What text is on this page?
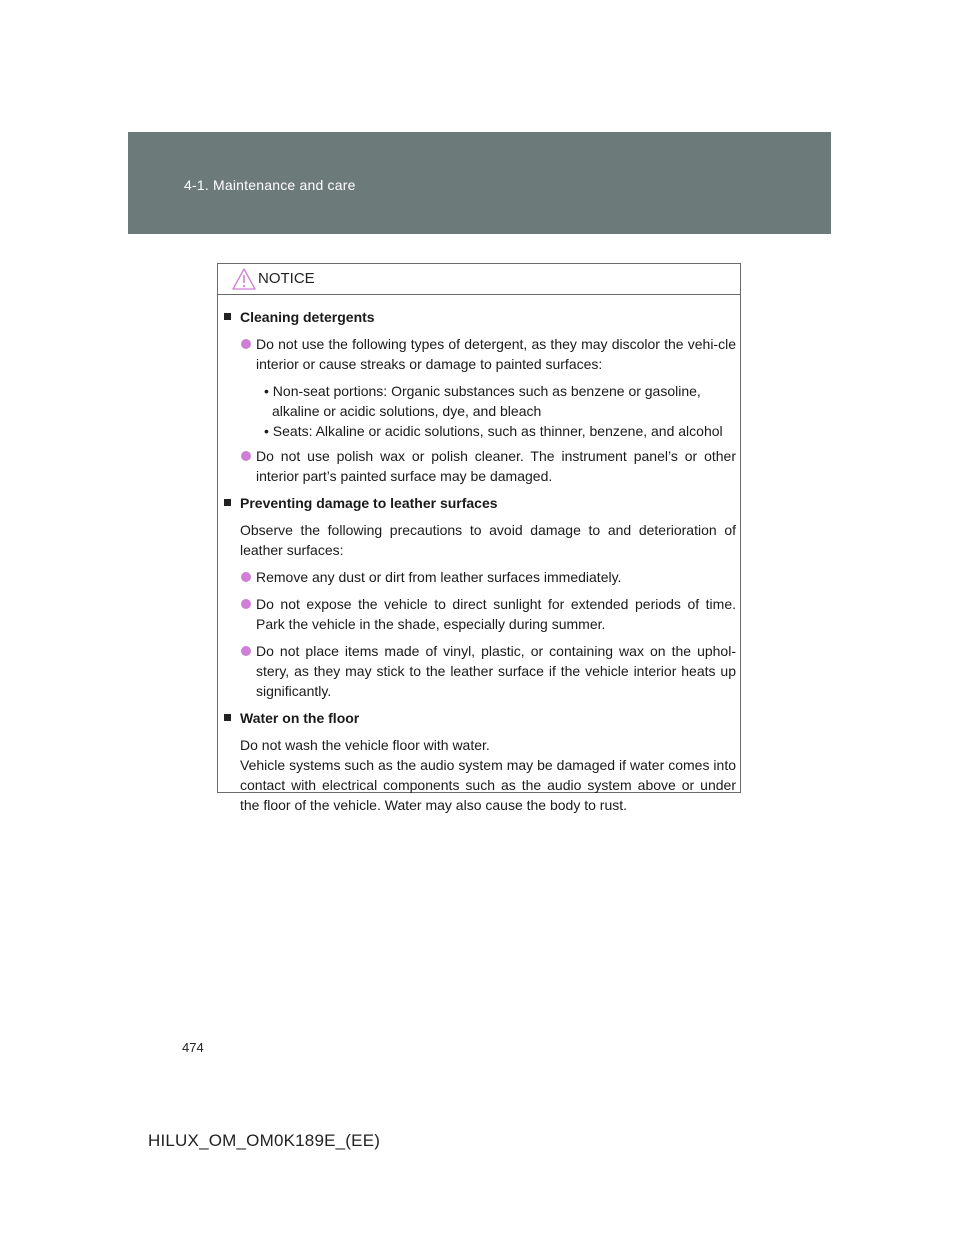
4-1. Maintenance and care
NOTICE
Cleaning detergents
Do not use the following types of detergent, as they may discolor the vehi-cle interior or cause streaks or damage to painted surfaces:
• Non-seat portions: Organic substances such as benzene or gasoline, alkaline or acidic solutions, dye, and bleach
• Seats: Alkaline or acidic solutions, such as thinner, benzene, and alcohol
Do not use polish wax or polish cleaner. The instrument panel’s or other interior part’s painted surface may be damaged.
Preventing damage to leather surfaces
Observe the following precautions to avoid damage to and deterioration of leather surfaces:
Remove any dust or dirt from leather surfaces immediately.
Do not expose the vehicle to direct sunlight for extended periods of time. Park the vehicle in the shade, especially during summer.
Do not place items made of vinyl, plastic, or containing wax on the uphol-stery, as they may stick to the leather surface if the vehicle interior heats up significantly.
Water on the floor
Do not wash the vehicle floor with water.
Vehicle systems such as the audio system may be damaged if water comes into contact with electrical components such as the audio system above or under the floor of the vehicle. Water may also cause the body to rust.
474
HILUX_OM_OM0K189E_(EE)
